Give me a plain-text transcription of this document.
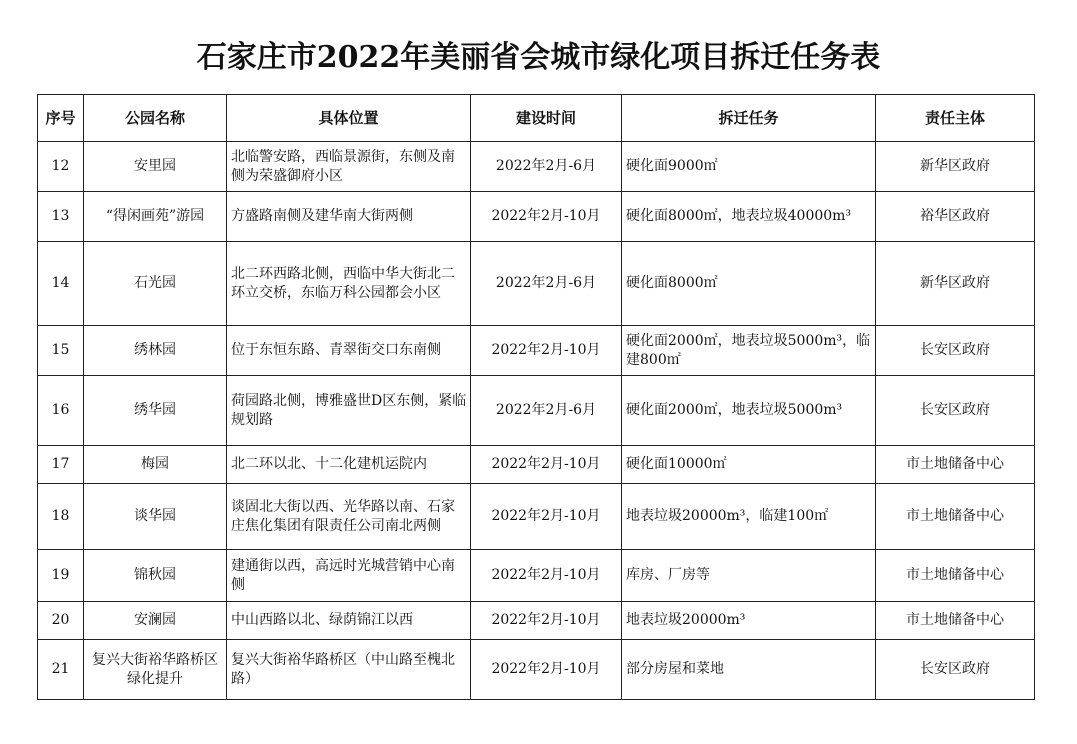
石家庄市2022年美丽省会城市绿化项目拆迁任务表
序号	公园名称	具体位置	建设时间	拆迁任务	责任主体
12	安里园	北临警安路，西临景源街，东侧及南侧为荣盛御府小区	2022年2月-6月	硬化面9000㎡	新华区政府
13	“得闲画苑”游园	方盛路南侧及建华南大街两侧	2022年2月-10月	硬化面8000㎡，地表垃圾40000m³	裕华区政府
14	石光园	北二环西路北侧，西临中华大街北二环立交桥，东临万科公园都会小区	2022年2月-6月	硬化面8000㎡	新华区政府
15	绣林园	位于东恒东路、青翠街交口东南侧	2022年2月-10月	硬化面2000㎡，地表垃圾5000m³，临建800㎡	长安区政府
16	绣华园	荷园路北侧，博雅盛世D区东侧，紧临规划路	2022年2月-6月	硬化面2000㎡，地表垃圾5000m³	长安区政府
17	梅园	北二环以北、十二化建机运院内	2022年2月-10月	硬化面10000㎡	市土地储备中心
18	谈华园	谈固北大街以西、光华路以南、石家庄焦化集团有限责任公司南北两侧	2022年2月-10月	地表垃圾20000m³，临建100㎡	市土地储备中心
19	锦秋园	建通街以西，高远时光城营销中心南侧	2022年2月-10月	库房、厂房等	市土地储备中心
20	安澜园	中山西路以北、绿荫锦江以西	2022年2月-10月	地表垃圾20000m³	市土地储备中心
21	复兴大街裕华路桥区绿化提升	复兴大街裕华路桥区（中山路至槐北路）	2022年2月-10月	部分房屋和菜地	长安区政府
